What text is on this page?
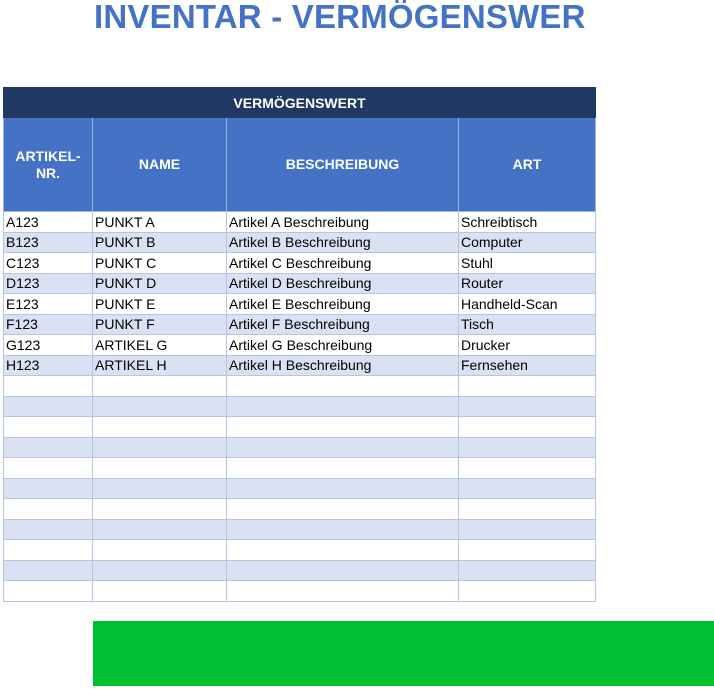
INVENTAR - VERMÖGENSWER
VERMÖGENSWERT			
ARTIKEL-NR.	NAME	BESCHREIBUNG	ART
A123	PUNKT A	Artikel A Beschreibung	Schreibtisch
B123	PUNKT B	Artikel B Beschreibung	Computer
C123	PUNKT C	Artikel C Beschreibung	Stuhl
D123	PUNKT D	Artikel D Beschreibung	Router
E123	PUNKT E	Artikel E Beschreibung	Handheld-Scan
F123	PUNKT F	Artikel F Beschreibung	Tisch
G123	ARTIKEL G	Artikel G Beschreibung	Drucker
H123	ARTIKEL H	Artikel H Beschreibung	Fernsehen
